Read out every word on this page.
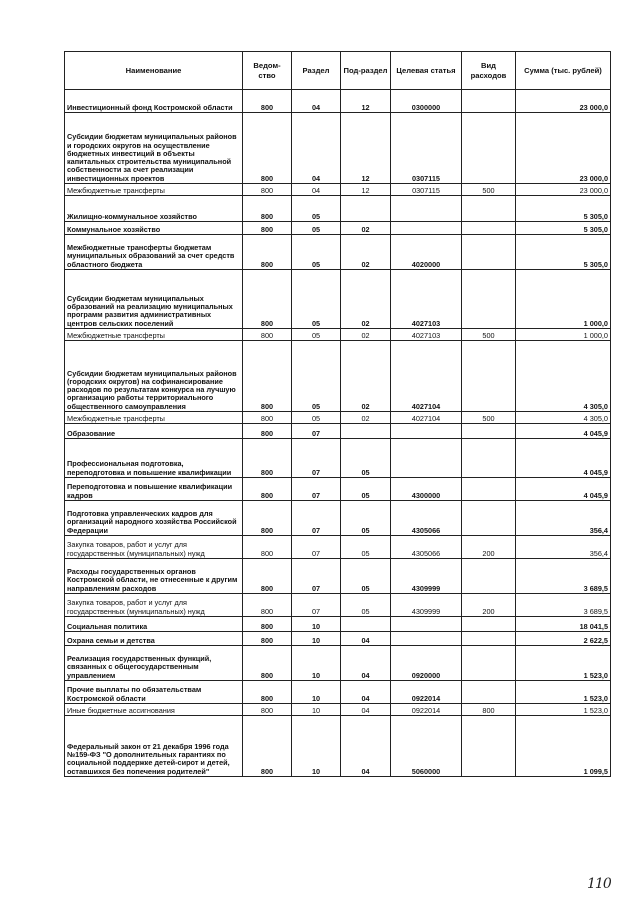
Наименование	Ведом-ство	Раздел	Под-раздел	Целевая статья	Вид расходов	Сумма (тыс. рублей)
Инвестиционный фонд Костромской области	800	04	12	0300000		23 000,0
Субсидии бюджетам муниципальных районов и городских округов на осуществление бюджетных инвестиций в объекты капитальных строительства муниципальной собственности за счет реализации инвестиционных проектов	800	04	12	0307115		23 000,0
Межбюджетные трансферты	800	04	12	0307115	500	23 000,0
Жилищно-коммунальное хозяйство	800	05				5 305,0
Коммунальное хозяйство	800	05	02			5 305,0
Межбюджетные трансферты бюджетам муниципальных образований за счет средств областного бюджета	800	05	02	4020000		5 305,0
Субсидии бюджетам муниципальных образований на реализацию муниципальных программ развития административных центров сельских поселений	800	05	02	4027103		1 000,0
Межбюджетные трансферты	800	05	02	4027103	500	1 000,0
Субсидии бюджетам муниципальных районов (городских округов) на софинансирование расходов по результатам конкурса на лучшую организацию работы территориального общественного самоуправления	800	05	02	4027104		4 305,0
Межбюджетные трансферты	800	05	02	4027104	500	4 305,0
Образование	800	07				4 045,9
Профессиональная подготовка, переподготовка и повышение квалификации	800	07	05			4 045,9
Переподготовка и повышение квалификации кадров	800	07	05	4300000		4 045,9
Подготовка управленческих кадров для организаций народного хозяйства Российской Федерации	800	07	05	4305066		356,4
Закупка товаров, работ и услуг для государственных (муниципальных) нужд	800	07	05	4305066	200	356,4
Расходы государственных органов Костромской области, не отнесенные к другим направлениям расходов	800	07	05	4309999		3 689,5
Закупка товаров, работ и услуг для государственных (муниципальных) нужд	800	07	05	4309999	200	3 689,5
Социальная политика	800	10				18 041,5
Охрана семьи и детства	800	10	04			2 622,5
Реализация государственных функций, связанных с общегосударственным управлением	800	10	04	0920000		1 523,0
Прочие выплаты по обязательствам Костромской области	800	10	04	0922014		1 523,0
Иные бюджетные ассигнования	800	10	04	0922014	800	1 523,0
Федеральный закон от 21 декабря 1996 года №159-ФЗ "О дополнительных гарантиях по социальной поддержке детей-сирот и детей, оставшихся без попечения родителей"	800	10	04	5060000		1 099,5
110
